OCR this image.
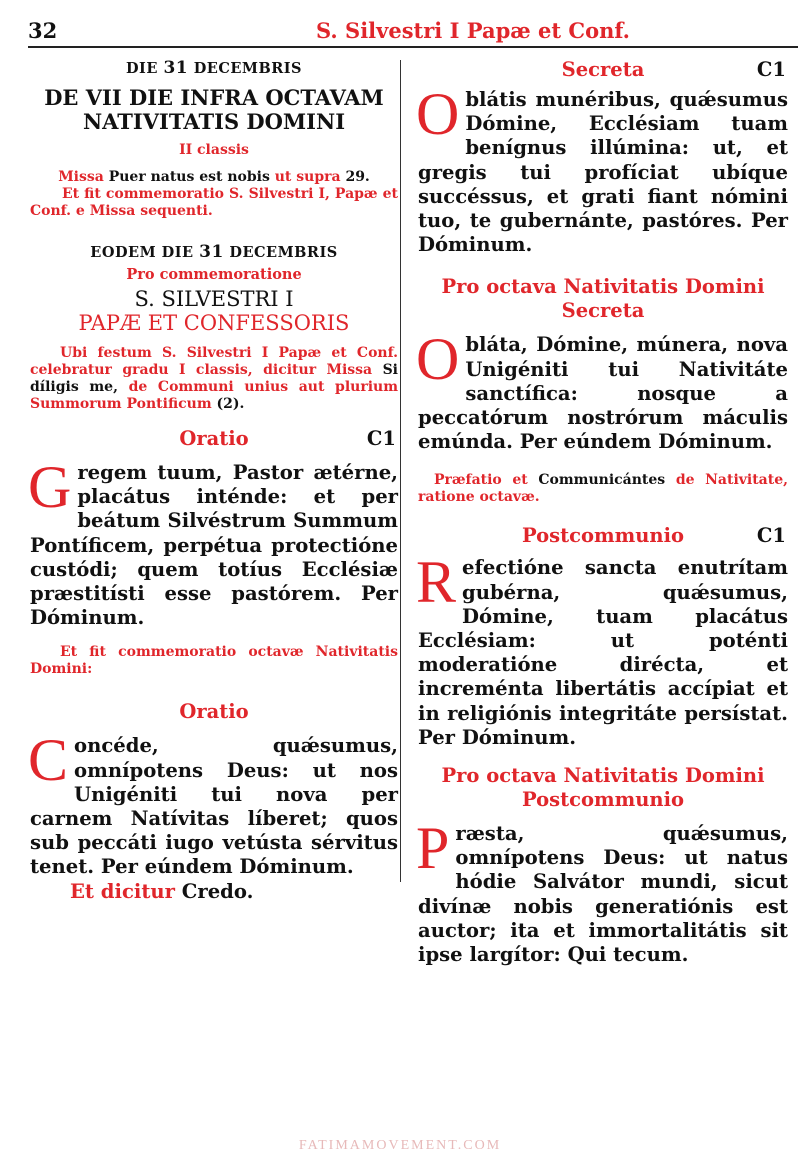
32	S. Silvestri I Papæ et Conf.
DIE 31 DECEMBRIS
DE VII DIE INFRA OCTAVAM
NATIVITATIS DOMINI
II classis
Missa Puer natus est nobis ut supra 29.
Et fit commemoratio S. Silvestri I, Papæ et Conf. e Missa sequenti.
EODEM DIE 31 DECEMBRIS
Pro commemoratione
S. SILVESTRI I
PAPÆ ET CONFESSORIS
Ubi festum S. Silvestri I Papæ et Conf. celebratur gradu I classis, dicitur Missa Si díligis me, de Communi unius aut plurium Summorum Pontificum (2).
Oratio	C1
Gregem tuum, Pastor ætérne, placátus inténde: et per beátum Silvéstrum Summum Pontíficem, perpétua protectióne custódi; quem totíus Ecclésiæ præstitísti esse pastórem. Per Dóminum.
Et fit commemoratio octavæ Nativitatis Domini:
Oratio
Concéde, quǽsumus, omnípotens Deus: ut nos Unigéniti tui nova per carnem Natívitas líberet; quos sub peccáti iugo vetústa sérvitus tenet. Per eúndem Dóminum.
Et dicitur Credo.
Secreta	C1
Oblátis munéribus, quǽsumus Dómine, Ecclésiam tuam benígnus illúmina: ut, et gregis tui profíciat ubíque succéssus, et grati fiant nómini tuo, te gubernánte, pastóres. Per Dóminum.
Pro octava Nativitatis Domini
Secreta
Obláta, Dómine, múnera, nova Unigéniti tui Nativitáte sanctífica: nosque a peccatórum nostrórum máculis emúnda. Per eúndem Dóminum.
Præfatio et Communicántes de Nativitate, ratione octavæ.
Postcommunio	C1
Refectióne sancta enutrítam gubérna, quǽsumus, Dómine, tuam placátus Ecclésiam: ut poténti moderatióne dirécta, et increménta libertátis accípiat et in religiónis integritáte persístat. Per Dóminum.
Pro octava Nativitatis Domini
Postcommunio
Præsta, quǽsumus, omnípotens Deus: ut natus hódie Salvátor mundi, sicut divínæ nobis generatiónis est auctor; ita et immortalitátis sit ipse largítor: Qui tecum.
FATIMAMOVEMENT.COM
